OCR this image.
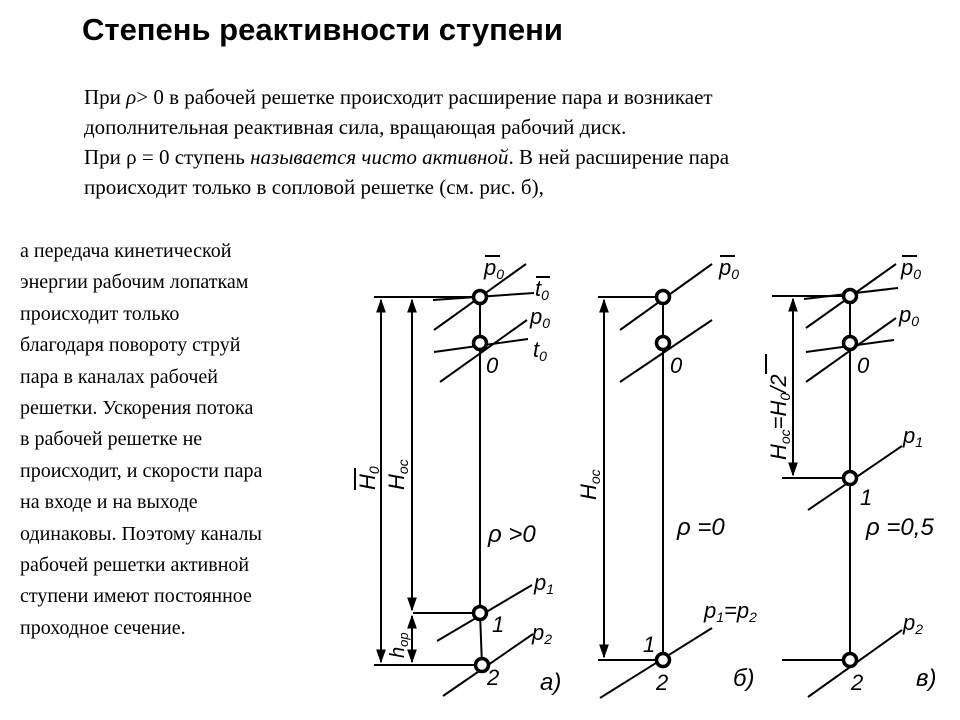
Степень реактивности ступени

При ρ> 0 в рабочей решетке происходит расширение пара и возникает

дополнительная реактивная сила, вращающая рабочий диск.

При ρ = 0 ступень называется чисто активной. В ней расширение пара

происходит только в сопловой решетке (см. рис. б),

а передача кинетической

энергии рабочим лопаткам

происходит только

благодаря повороту струй

пара в каналах рабочей

решетки. Ускорения потока

в рабочей решетке не

происходит, и скорости пара

на входе и на выходе

одинаковы. Поэтому каналы

рабочей решетки активной

ступени имеют постоянное

проходное сечение.

p0
t0
p0
t0
0
H0
Hoc
$h_{op}$
ρ >0
p1
1 p2
2 а)
p0
0
Hoc
ρ =0
p1=p2
1
2	б)
p0
p0
0
Hoc=H0/2
p1
1
ρ =0,5
p2
2 в)
